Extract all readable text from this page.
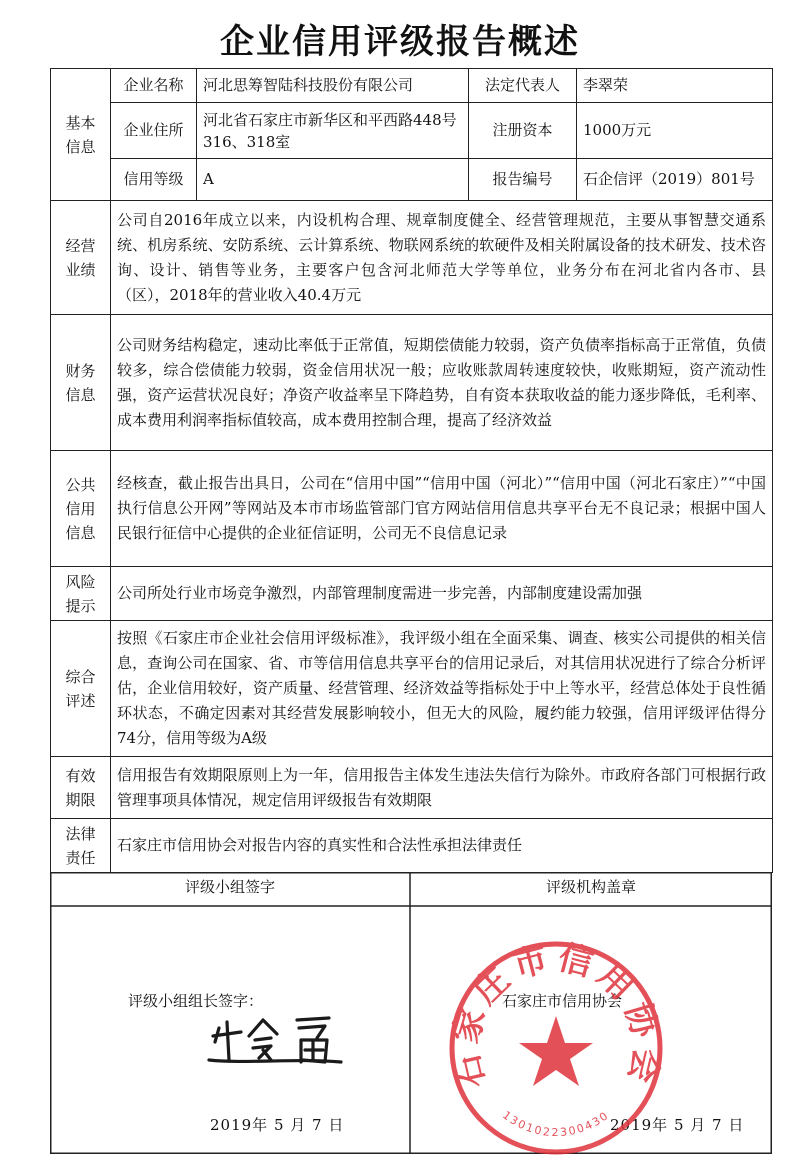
企业信用评级报告概述
基本
信息	企业名称	河北思筹智陆科技股份有限公司	法定代表人	李翠荣
	企业住所	河北省石家庄市新华区和平西路448号316、318室	注册资本	1000万元
	信用等级	A	报告编号	石企信评（2019）801号
经营
业绩	公司自2016年成立以来，内设机构合理、规章制度健全、经营管理规范，主要从事智慧交通系统、机房系统、安防系统、云计算系统、物联网系统的软硬件及相关附属设备的技术研发、技术咨询、设计、销售等业务，主要客户包含河北师范大学等单位，业务分布在河北省内各市、县（区），2018年的营业收入40.4万元			
财务
信息	公司财务结构稳定，速动比率低于正常值，短期偿债能力较弱，资产负债率指标高于正常值，负债较多，综合偿债能力较弱，资金信用状况一般；应收账款周转速度较快，收账期短，资产流动性强，资产运营状况良好；净资产收益率呈下降趋势，自有资本获取收益的能力逐步降低，毛利率、成本费用利润率指标值较高，成本费用控制合理，提高了经济效益			
公共
信用
信息	经核查，截止报告出具日，公司在“信用中国”“信用中国（河北）”“信用中国（河北石家庄）”“中国执行信息公开网”等网站及本市市场监管部门官方网站信用信息共享平台无不良记录；根据中国人民银行征信中心提供的企业征信证明，公司无不良信息记录			
风险
提示	公司所处行业市场竞争激烈，内部管理制度需进一步完善，内部制度建设需加强			
综合
评述	按照《石家庄市企业社会信用评级标准》，我评级小组在全面采集、调查、核实公司提供的相关信息，查询公司在国家、省、市等信用信息共享平台的信用记录后，对其信用状况进行了综合分析评估，企业信用较好，资产质量、经营管理、经济效益等指标处于中上等水平，经营总体处于良性循环状态，不确定因素对其经营发展影响较小，但无大的风险，履约能力较强，信用评级评估得分74分，信用等级为A级			
有效
期限	信用报告有效期限原则上为一年，信用报告主体发生违法失信行为除外。市政府各部门可根据行政管理事项具体情况，规定信用评级报告有效期限			
法律
责任	石家庄市信用协会对报告内容的真实性和合法性承担法律责任			
评级小组签字	评级机构盖章
评级小组组长签字：	石家庄市信用协会
2019年 5 月 7 日	2019年 5 月 7 日
石家庄市信用协会
1301022300430
